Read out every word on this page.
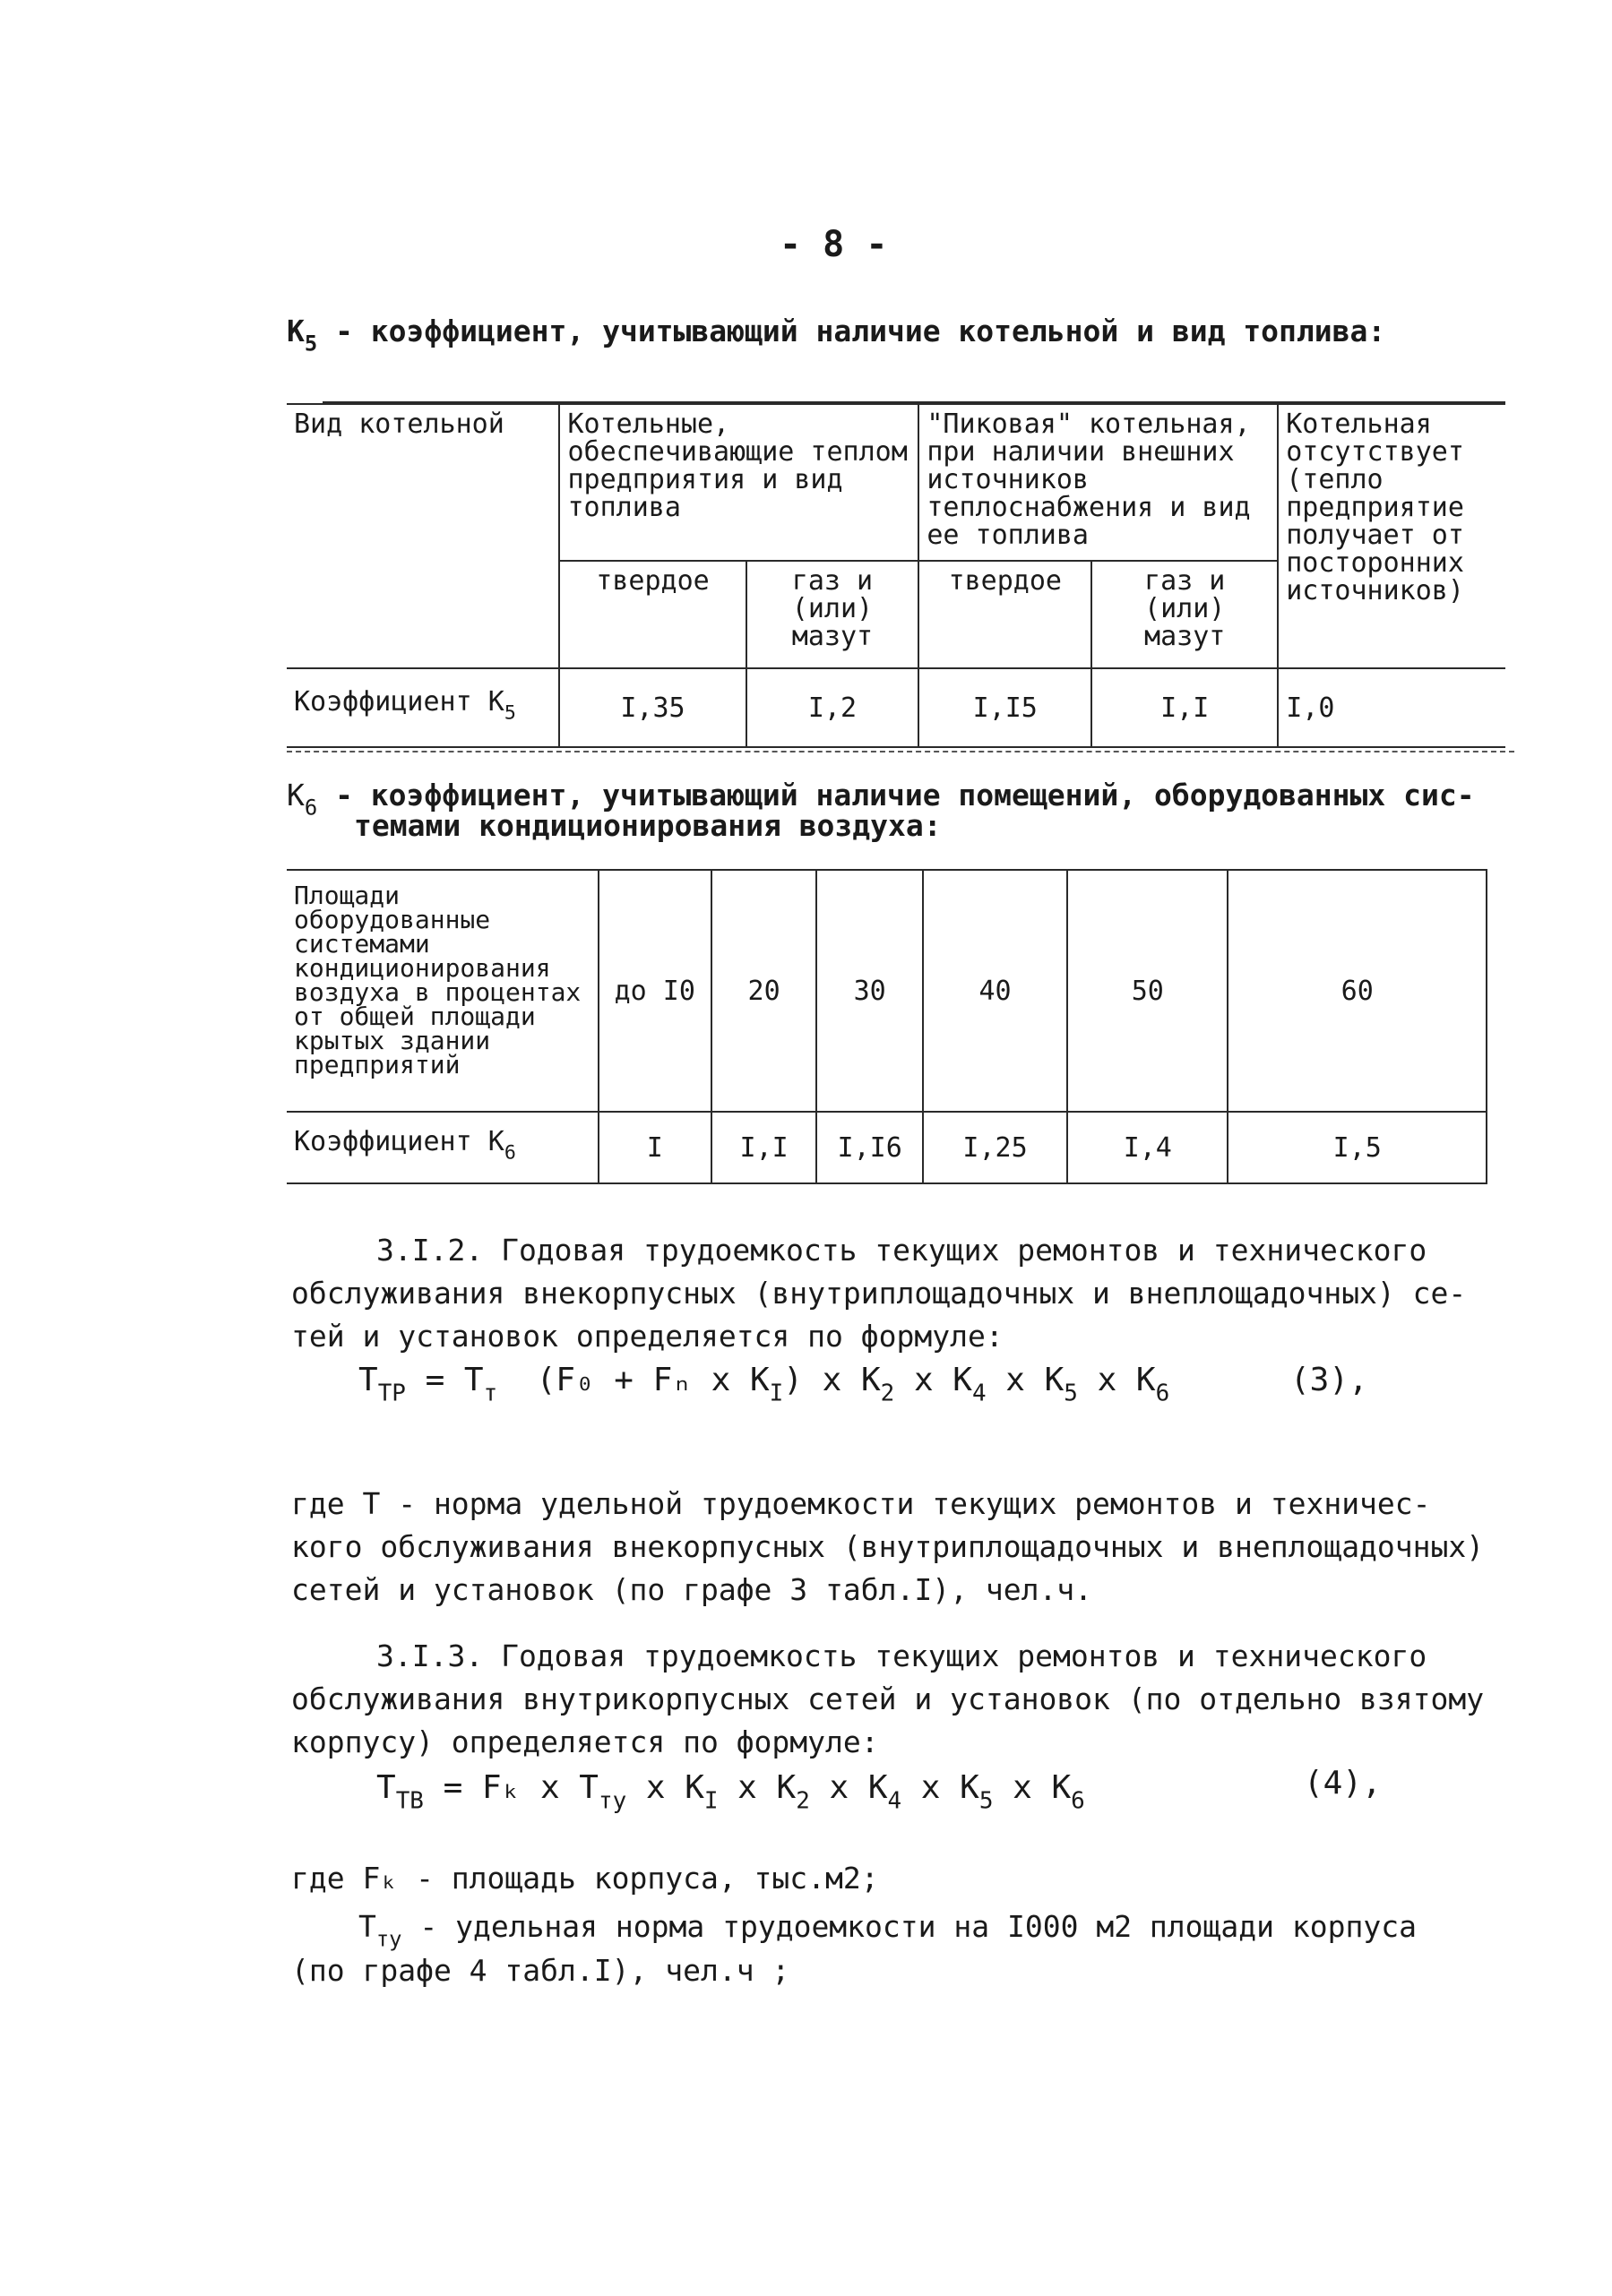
- 8 -
$K_5$ - коэффициент, учитывающий наличие котельной и вид топлива:
Вид котельной	Котельные, обеспечивающие теплом предприятия и вид топлива		"Пиковая" котельная, при наличии внешних источников теплоснабжения и вид ее топлива		Котельная отсутствует (тепло предприятие получает от посторонних источников)
	твердое	газ и (или) мазут	твердое	газ и (или) мазут	
Коэффициент $K_5$	I,35	I,2	I,I5	I,I	I,0
$K_6$ - коэффициент, учитывающий наличие помещений, оборудованных сис-
темами кондиционирования воздуха:
Площади оборудованные системами кондиционирования воздуха в процентах от общей площади крытых здании предприятий	до I0	20	30	40	50	60
Коэффициент $K_6$	I	I,I	I,I6	I,25	I,4	I,5
3.I.2. Годовая трудоемкость текущих ремонтов и технического
обслуживания внекорпусных (внутриплощадочных и внеплощадочных) се-
тей и установок определяется по формуле:
$T_{ТР} = T_т$ (F₀ + Fₙ x $K_I$) x $K_2$ x $K_4$ x $K_5$ x $K_6$	(3),
где T - норма удельной трудоемкости текущих ремонтов и техничес-
кого обслуживания внекорпусных (внутриплощадочных и внеплощадочных)
сетей и установок (по графе 3 табл.I), чел.ч.
3.I.3. Годовая трудоемкость текущих ремонтов и технического
обслуживания внутрикорпусных сетей и установок (по отдельно взятому
корпусу) определяется по формуле:
$T_{ТВ} = F_k$ x $T_{ту}$ x $K_I$ x $K_2$ x $K_4$ x $K_5$ x $K_6$	(4),
где Fₖ - площадь корпуса, тыс.м2;
$T_{ту}$ - удельная норма трудоемкости на I000 м2 площади корпуса
(по графе 4 табл.I), чел.ч ;
